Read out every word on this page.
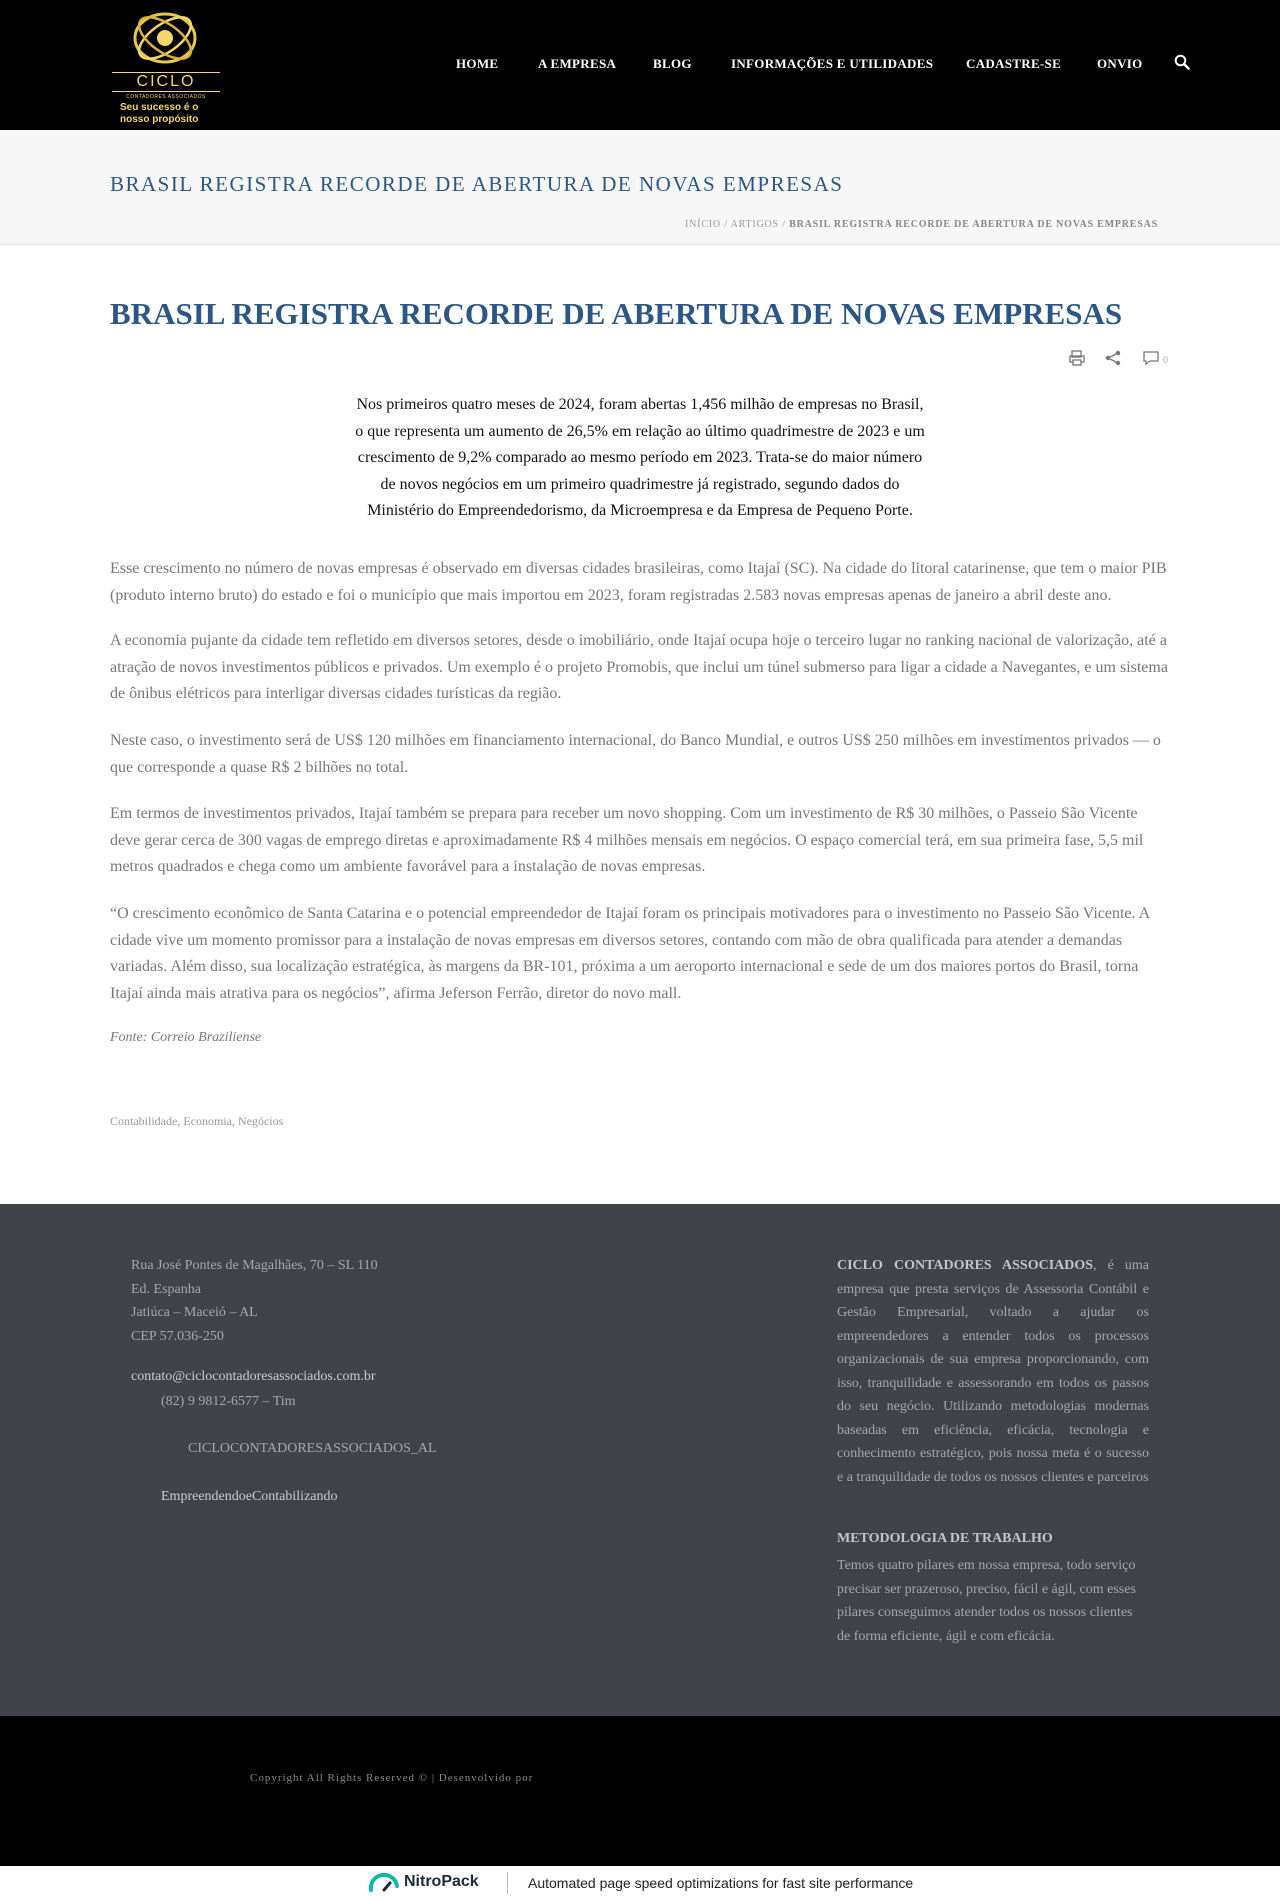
CICLO
CONTADORES ASSOCIADOS
Seu sucesso é o
nosso propósito
HOME	A EMPRESA	BLOG	INFORMAÇÕES E UTILIDADES	CADASTRE-SE	ONVIO
BRASIL REGISTRA RECORDE DE ABERTURA DE NOVAS EMPRESAS
INÍCIO / ARTIGOS / BRASIL REGISTRA RECORDE DE ABERTURA DE NOVAS EMPRESAS
BRASIL REGISTRA RECORDE DE ABERTURA DE NOVAS EMPRESAS
0

Nos primeiros quatro meses de 2024, foram abertas 1,456 milhão de empresas no Brasil, o que representa um aumento de 26,5% em relação ao último quadrimestre de 2023 e um crescimento de 9,2% comparado ao mesmo período em 2023. Trata-se do maior número de novos negócios em um primeiro quadrimestre já registrado, segundo dados do Ministério do Empreendedorismo, da Microempresa e da Empresa de Pequeno Porte.

Esse crescimento no número de novas empresas é observado em diversas cidades brasileiras, como Itajaí (SC). Na cidade do litoral catarinense, que tem o maior PIB (produto interno bruto) do estado e foi o município que mais importou em 2023, foram registradas 2.583 novas empresas apenas de janeiro a abril deste ano.

A economia pujante da cidade tem refletido em diversos setores, desde o imobiliário, onde Itajaí ocupa hoje o terceiro lugar no ranking nacional de valorização, até a atração de novos investimentos públicos e privados. Um exemplo é o projeto Promobis, que inclui um túnel submerso para ligar a cidade a Navegantes, e um sistema de ônibus elétricos para interligar diversas cidades turísticas da região.

Neste caso, o investimento será de US$ 120 milhões em financiamento internacional, do Banco Mundial, e outros US$ 250 milhões em investimentos privados — o que corresponde a quase R$ 2 bilhões no total.

Em termos de investimentos privados, Itajaí também se prepara para receber um novo shopping. Com um investimento de R$ 30 milhões, o Passeio São Vicente deve gerar cerca de 300 vagas de emprego diretas e aproximadamente R$ 4 milhões mensais em negócios. O espaço comercial terá, em sua primeira fase, 5,5 mil metros quadrados e chega como um ambiente favorável para a instalação de novas empresas.

“O crescimento econômico de Santa Catarina e o potencial empreendedor de Itajaí foram os principais motivadores para o investimento no Passeio São Vicente. A cidade vive um momento promissor para a instalação de novas empresas em diversos setores, contando com mão de obra qualificada para atender a demandas variadas. Além disso, sua localização estratégica, às margens da BR-101, próxima a um aeroporto internacional e sede de um dos maiores portos do Brasil, torna Itajaí ainda mais atrativa para os negócios”, afirma Jeferson Ferrão, diretor do novo mall.

Fonte: Correio Braziliense

Contabilidade, Economia, Negócios
Rua José Pontes de Magalhães, 70 – SL 110
Ed. Espanha
Jatiúca – Maceió – AL
CEP 57.036-250
contato@ciclocontadoresassociados.com.br
(82) 9 9812-6577 – Tim
CICLOCONTADORESASSOCIADOS_AL
EmpreendendoeContabilizando
CICLO CONTADORES ASSOCIADOS, é uma empresa que presta serviços de Assessoria Contábil e Gestão Empresarial, voltado a ajudar os empreendedores a entender todos os processos organizacionais de sua empresa proporcionando, com isso, tranquilidade e assessorando em todos os passos do seu negócio. Utilizando metodologias modernas baseadas em eficiência, eficácia, tecnologia e conhecimento estratégico, pois nossa meta é o sucesso e a tranquilidade de todos os nossos clientes e parceiros
METODOLOGIA DE TRABALHO
Temos quatro pilares em nossa empresa, todo serviço precisar ser prazeroso, preciso, fácil e ágil, com esses pilares conseguimos atender todos os nossos clientes de forma eficiente, ágil e com eficácia.
Copyright All Rights Reserved © | Desenvolvido por
NitroPack	Automated page speed optimizations for fast site performance
